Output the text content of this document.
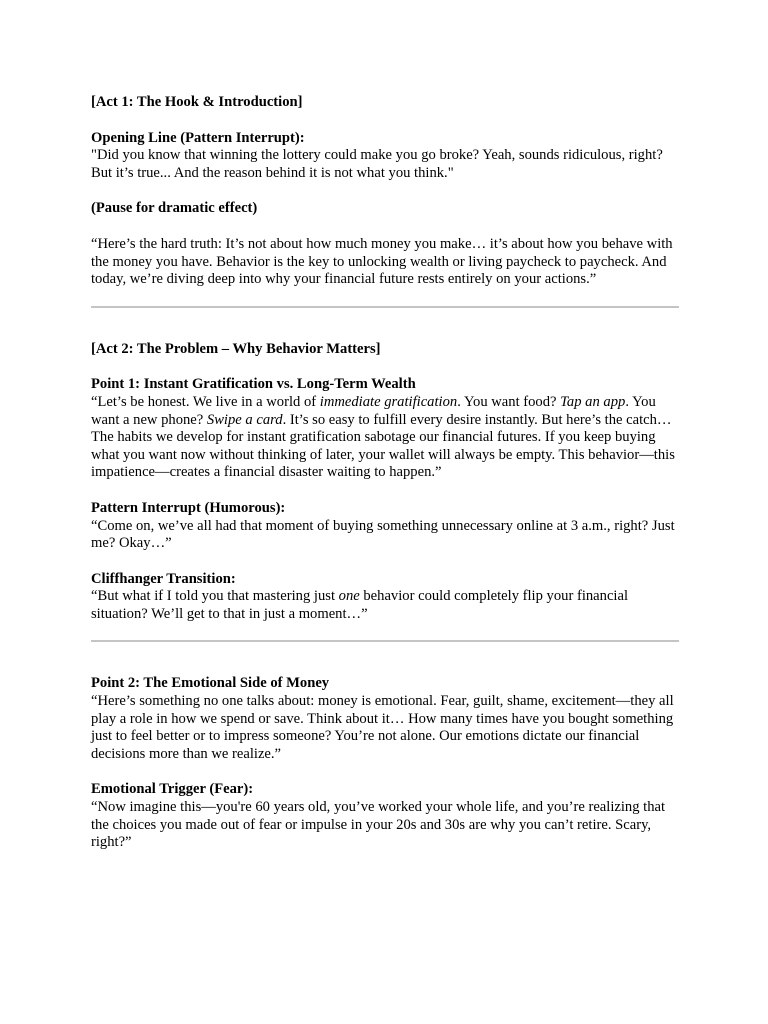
[Act 1: The Hook & Introduction]

Opening Line (Pattern Interrupt):

"Did you know that winning the lottery could make you go broke? Yeah, sounds ridiculous, right? But it’s true... And the reason behind it is not what you think."

(Pause for dramatic effect)

“Here’s the hard truth: It’s not about how much money you make… it’s about how you behave with the money you have. Behavior is the key to unlocking wealth or living paycheck to paycheck. And today, we’re diving deep into why your financial future rests entirely on your actions.”

[Act 2: The Problem – Why Behavior Matters]

Point 1: Instant Gratification vs. Long-Term Wealth

“Let’s be honest. We live in a world of immediate gratification. You want food? Tap an app. You want a new phone? Swipe a card. It’s so easy to fulfill every desire instantly. But here’s the catch… The habits we develop for instant gratification sabotage our financial futures. If you keep buying what you want now without thinking of later, your wallet will always be empty. This behavior—this impatience—creates a financial disaster waiting to happen.”

Pattern Interrupt (Humorous):

“Come on, we’ve all had that moment of buying something unnecessary online at 3 a.m., right? Just me? Okay…”

Cliffhanger Transition:

“But what if I told you that mastering just one behavior could completely flip your financial situation? We’ll get to that in just a moment…”

Point 2: The Emotional Side of Money

“Here’s something no one talks about: money is emotional. Fear, guilt, shame, excitement—they all play a role in how we spend or save. Think about it… How many times have you bought something just to feel better or to impress someone? You’re not alone. Our emotions dictate our financial decisions more than we realize.”

Emotional Trigger (Fear):

“Now imagine this—you're 60 years old, you’ve worked your whole life, and you’re realizing that the choices you made out of fear or impulse in your 20s and 30s are why you can’t retire. Scary, right?”
